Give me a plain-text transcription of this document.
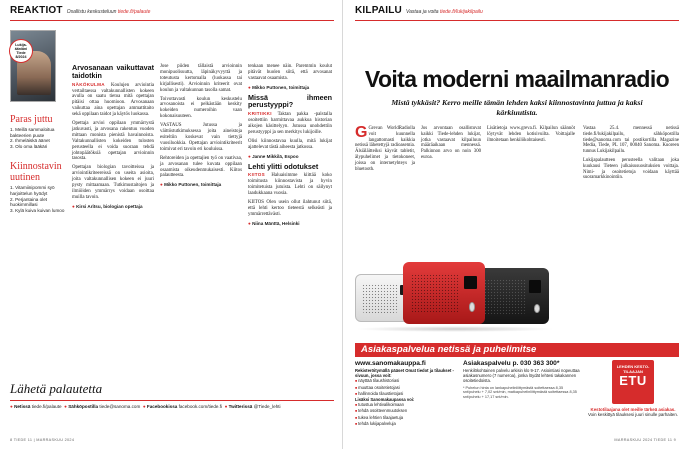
REAKTIOT Osallistu keskusteluun tiede.fi/palaute
Lukija-ääniäni Tiede 8/2024
Paras juttu
1. Meillä sammaloitua bakteerien puute
2. Ihmeläiskä äänet
3. Olo oma lääkäri
Kiinnostavin uutinen
1. Vitamiinipommi syö harjoittelun hyödyt
2. Perjantaina olet huokimmillasi
3. Kylä kuiva kuivan lumoo
Arvosanaan vaikuttavat taidotkin

NÄKÖKULMA Koulujen arviointia vertailtaessa valtakunnallisten kokeen avulla on saatu tietoa mitä opettajan pitäisi ottaa huomioon. Arvosanaan vaikuttaa aina opettajan ammattitaito sekä oppilaan taidot ja käytös luokassa.

Opettaja arvioi oppilaan ymmärrystä jatkuvasti, ja arvosana rakentuu vuoden mittaan monista pienistä havainnoista. Valtakunnallisten kokeiden tulosten perusteella ei voida suoraan tehdä johtopäätöksiä opettajan arvioinnin tasosta.

Opettajan biologian tavoitteissa ja arviointikriteereissä on useita asioita, joita valtakunnallisen kokeen ei juuri pysty mittaamaan. Tutkimustaitojen ja ilmiöiden ymmärrys voidaan osoittaa muilla tavoin.

● Kirsi Aritsu, biologian opettaja

Jose piiden tällaistä arvioinnin monipuolisuutta, läpinäkyvyyttä ja toteutusta kertomalla (luokassa tai kirjallisesti). Arvioinnin kriteerit ovat koulun ja valtakunnan tasolla samat.

Toivottavasti koulun keskustelu arvosanoista ei pelkästään keskity kokeiden numeroihin vaan kokonaisuuteen.

VASTAUS Jutussa ja väittöstutkimuksessa joita aineistoja esiteltiin koskevat vain tiettyjä vuosiluokkia. Opettajan arviointikriteerit toimivat eri tavoin eri kouluissa.

Rehtoreiden ja opettajien työ on vaativaa, ja arvosanan tulee kuvata oppilaan osaamista oikeudenmukaisesti. Kiitos palautteesta.

● Mikko Puttonen, toimittaja

tenkaan menee näin. Paremmin koulut pitävät huolen siitä, että arvosanat vastaavat osaamista.

● Mikko Puttonen, toimittaja

Missä ihmeen perustyyppi?

KRITIIKKI Taktan pakka -palstalla osoitettiin harmittavaa aukkoa historian aikojen käsittelyyn. Jutussa unohdettiin perustyyppi ja sen merkitys lukijoille.

Olisi kiinnostavaa kuulla, mitä lukijat ajattelevat tästä aiheesta jatkossa.

● Janne Mikkilä, Espoo

Lehti ylitti odotukset

KIITOS Haluaisimme kiittää koko toimitusta kiinnostavista ja hyvin toimitetuista jutuista. Lehti on säilynyt laadukkaana vuosia.

KIITOS Olen usein ollut ilahtunut siitä, että lehti kertoo tieteestä selkeästi ja ymmärrettävästi.

● Niina Mänttä, Helsinki

Lähetä palautetta
● Netissä tiede.fi/palaute ● Sähköpostilla tiede@sanoma.com ● Facebookissa facebook.com/tiede.fi ● Twitterissä @Tiede_lehti
8 TIEDE 11 | MARRASKUU 2024
KILPAILU Vastaa ja voita tiede.fi/lukijakilpailu
Voita moderni maailmanradio
Mistä tykkäsit? Kerro meille tämän lehden kaksi kiinnostavinta juttua ja kaksi kärkiuutista.

G Grevan WorldRadiolla voit kuunnella langattomasti kaikkia netissä lähetettyjä radioasemia. Älsiäläitteiksi käyvät tabletit, älypuhelimet ja tietokoneet, joissa on internetyhteys ja bluetooth.

Jos arvontaan osallistuvat kaikki Tiede-lehden lukijat, jotka vastaavat kilpailuun määräaikaan mennessä. Palkinnon arvo on noin 300 euroa.

Lisätietoja www.greva.fi. Kilpailun säännöt löytyvät lehden kotisivuilta. Voittajalle ilmoitetaan henkilökohtaisesti.

Vastaa 25.4. mennessä netissä tiede.fi/lukijakilpailu, sähköpostilla tiede@sanoma.com tai postikortilla Magazine Media, Tiede, PL 107, 00040 Sanoma. Kuoreen tunnus Lukijakilpailu.

Lukijapalautteen perusteella valitaan joka kuukausi Tieteen julkaisusuosituksien voittaja. Nimi- ja osoitetietoja voidaan käyttää suoramarkkinointiin.

Asiakaspalvelua netissä ja puhelimitse
www.sanomakauppa.fi
Rekisteröitymällä pääset Omat tiedot ja tilaukset -sivuun, jossa voit:
■ näyttää tilaushistoriasi
■ muuttaa osoitetietojasi
■ hallinnoida tilaustietojasi
Lisäksi Sanomakaupassa voi:
■ tutustua lehtivalikoimaan
■ tehdä osoitteenmuutoksen
■ tukea lehtien tilaajaetuja
■ tehdä lukijapalveluja
Asiakaspalvelu p. 030 363 300*
Henkilökohtainen palvelu arkisin klo 9-17. Asiointiasi nopeuttaa asiakasnumero (7 numeroa), jonka löydät lehtesi takakannen osoitetiedoista.
* Puhelun hinta on lankapuhelinliittymästä soitettaessa 8,35 snt/puhelu + 7,02 snt/min, matkapuhelinliittymästä soitettaessa 8,35 snt/puhelu + 17,17 snt/min.
LEHDEN KESTO-TILAAJAN
ETU
Kestotilaajana olet meille tärkeä asiakas. Voin keskittyä tilauksesi juuri sinulle parhaiten.
MARRASKUU 2024 TIEDE 11 9
